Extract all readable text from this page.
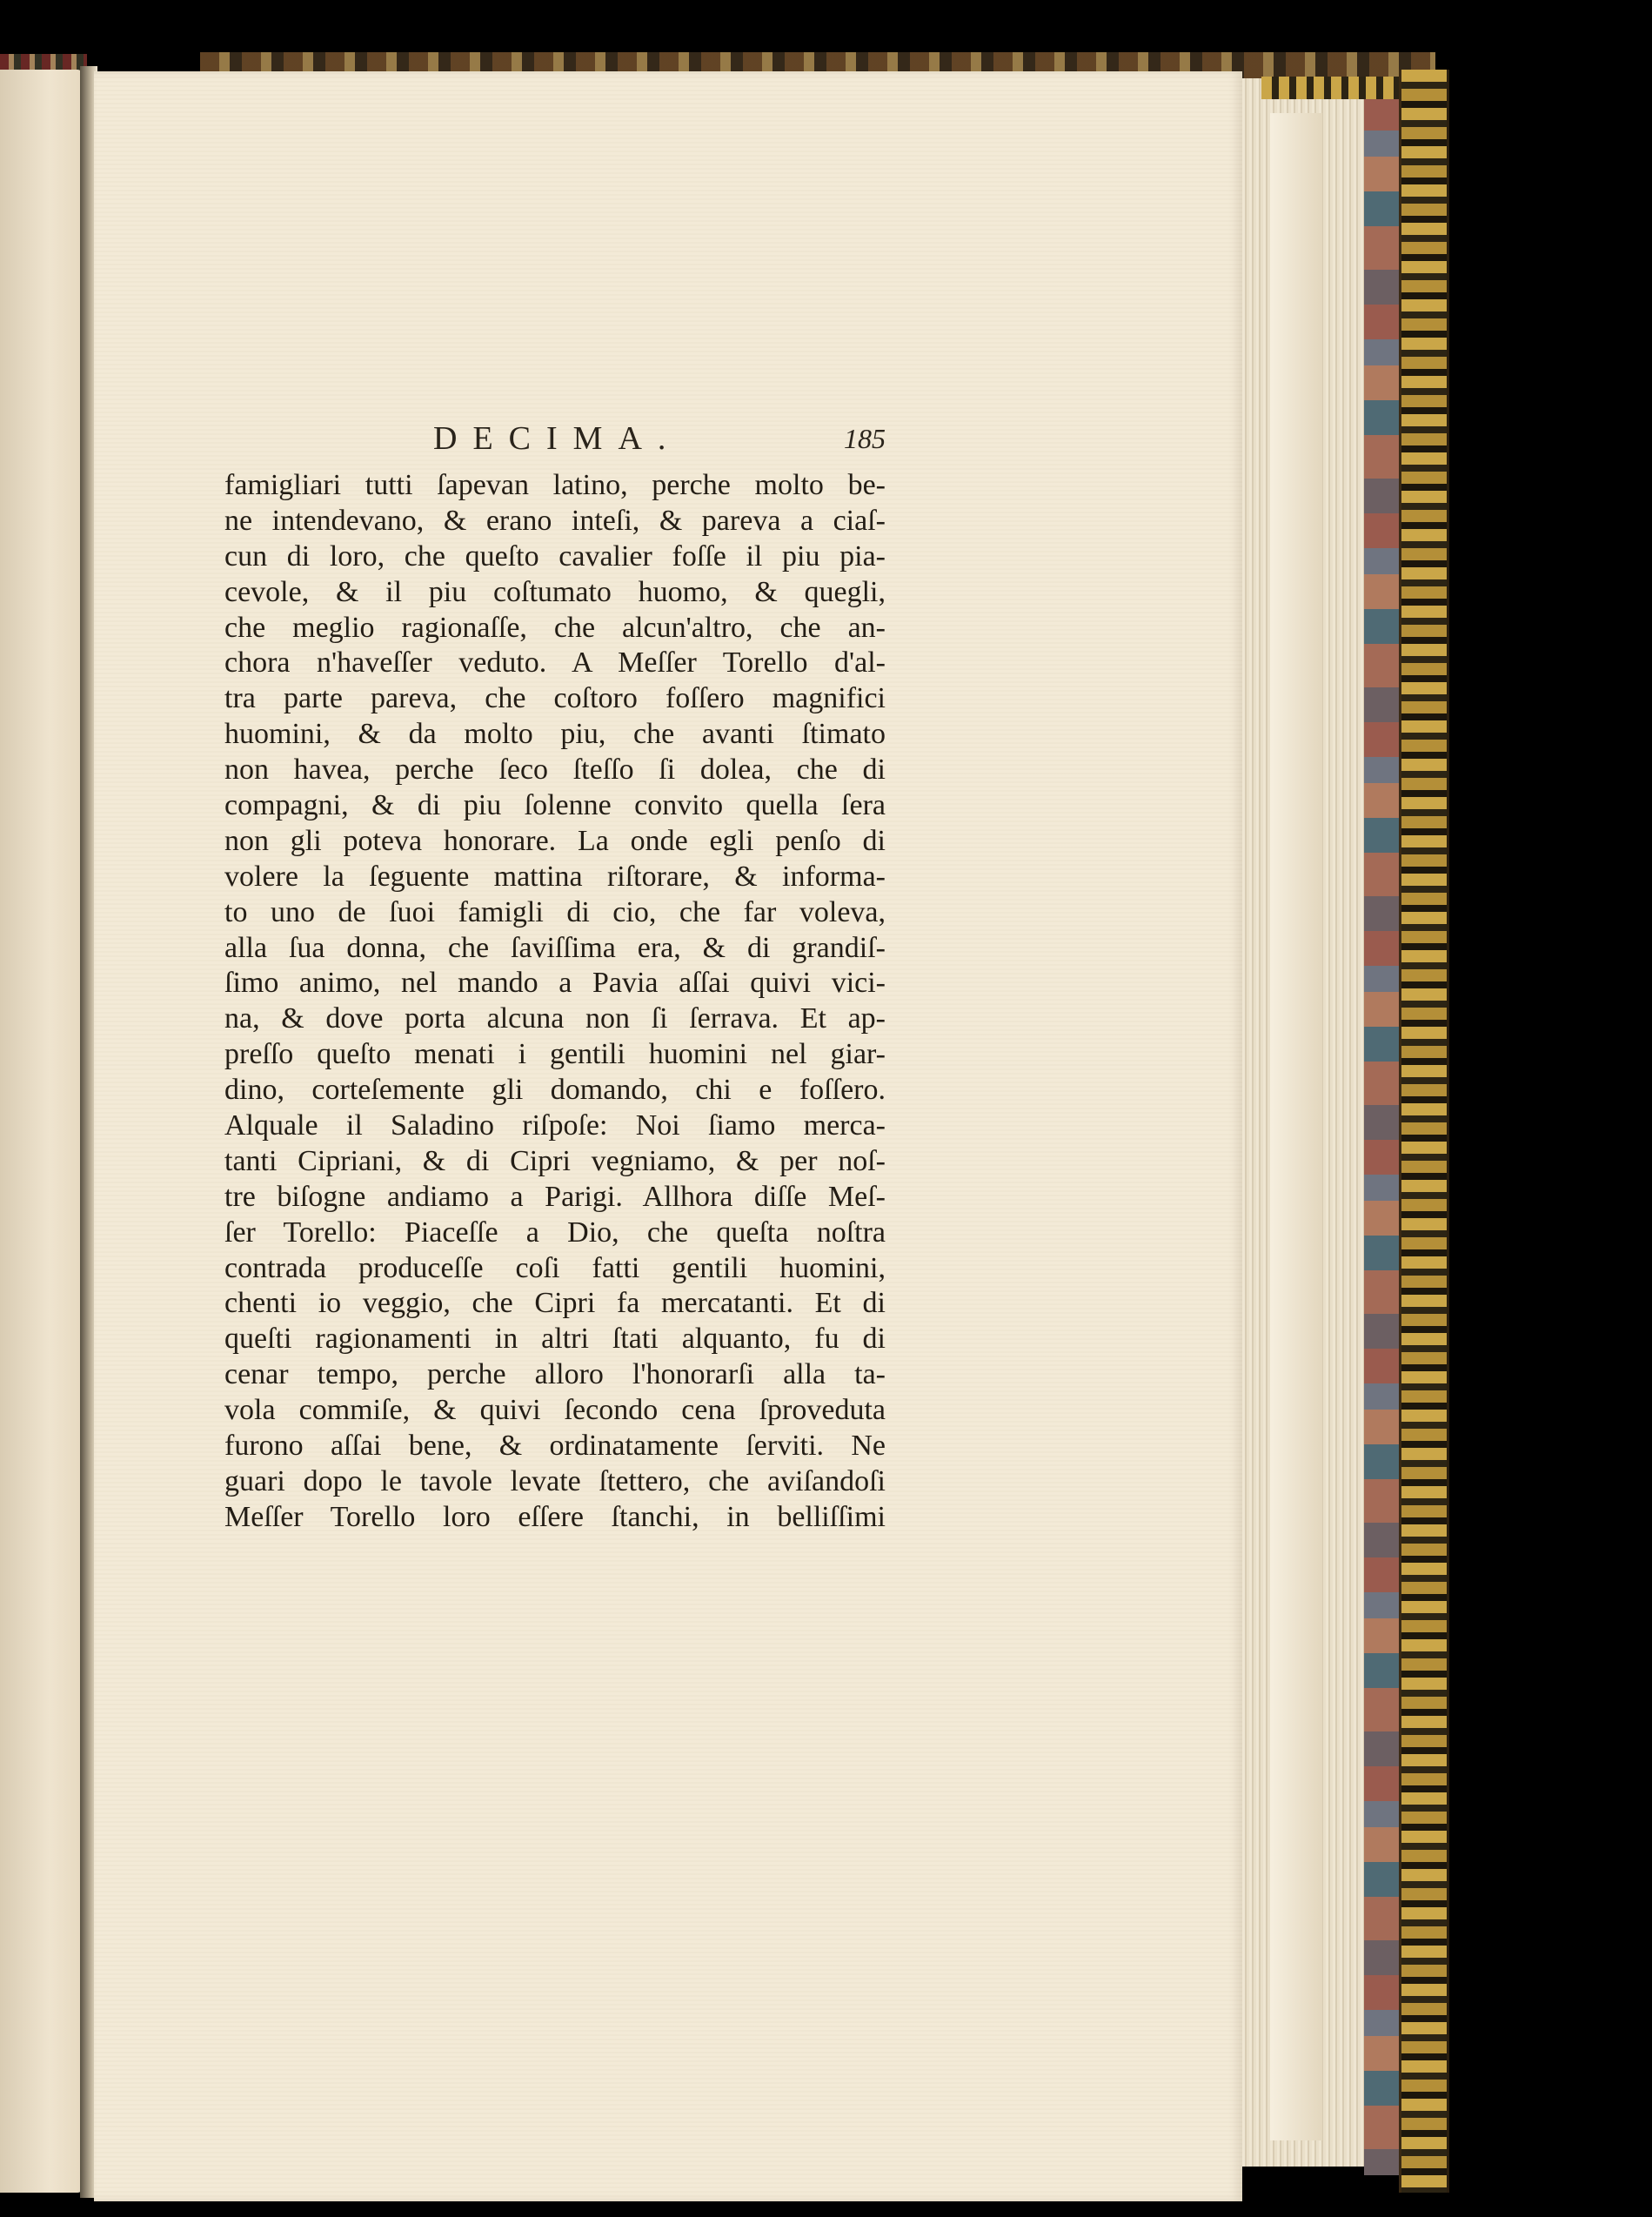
DECIMA.	185
famigliari tutti ſapevan latino, perche molto be-
ne intendevano, & erano inteſi, & pareva a ciaſ-
cun di loro, che queſto cavalier foſſe il piu pia-
cevole, & il piu coſtumato huomo, & quegli,
che meglio ragionaſſe, che alcun'altro, che an-
chora n'haveſſer veduto. A Meſſer Torello d'al-
tra parte pareva, che coſtoro foſſero magnifici
huomini, & da molto piu, che avanti ſtimato
non havea, perche ſeco ſteſſo ſi dolea, che di
compagni, & di piu ſolenne convito quella ſera
non gli poteva honorare. La onde egli penſo di
volere la ſeguente mattina riſtorare, & informa-
to uno de ſuoi famigli di cio, che far voleva,
alla ſua donna, che ſaviſſima era, & di grandiſ-
ſimo animo, nel mando a Pavia aſſai quivi vici-
na, & dove porta alcuna non ſi ſerrava. Et ap-
preſſo queſto menati i gentili huomini nel giar-
dino, corteſemente gli domando, chi e foſſero.
Alquale il Saladino riſpoſe: Noi ſiamo merca-
tanti Cipriani, & di Cipri vegniamo, & per noſ-
tre biſogne andiamo a Parigi. Allhora diſſe Meſ-
ſer Torello: Piaceſſe a Dio, che queſta noſtra
contrada produceſſe coſi fatti gentili huomini,
chenti io veggio, che Cipri fa mercatanti. Et di
queſti ragionamenti in altri ſtati alquanto, fu di
cenar tempo, perche alloro l'honorarſi alla ta-
vola commiſe, & quivi ſecondo cena ſproveduta
furono aſſai bene, & ordinatamente ſerviti. Ne
guari dopo le tavole levate ſtettero, che aviſandoſi
Meſſer Torello loro eſſere ſtanchi, in belliſſimi
